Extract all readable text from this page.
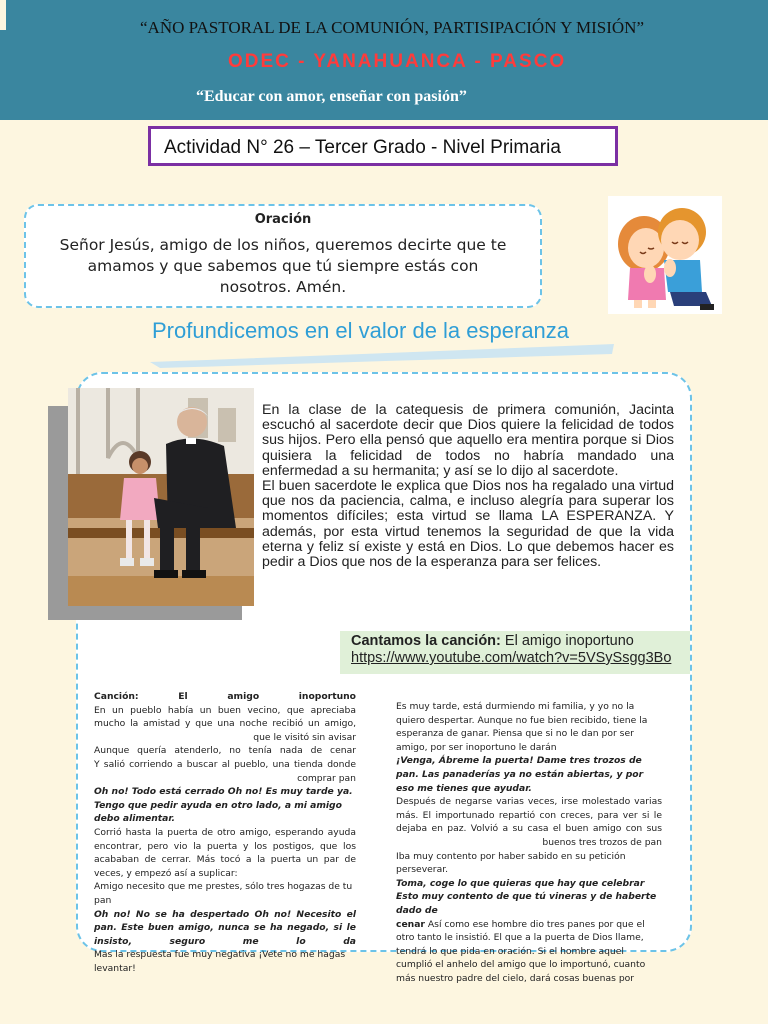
“AÑO PASTORAL DE LA COMUNIÓN, PARTISIPACIÓN Y MISIÓN”
ODEC - YANAHUANCA - PASCO
“Educar con amor, enseñar con pasión”
Actividad N° 26 – Tercer Grado - Nivel Primaria
Oración
Señor Jesús, amigo de los niños, queremos decirte que te amamos y que sabemos que tú siempre estás con nosotros. Amén.
Profundicemos en el valor de la esperanza

En la clase de la catequesis de primera comunión, Jacinta escuchó al sacerdote decir que Dios quiere la felicidad de todos sus hijos. Pero ella pensó que aquello era mentira porque si Dios quisiera la felicidad de todos no habría mandado una enfermedad a su hermanita; y así se lo dijo al sacerdote.

El buen sacerdote le explica que Dios nos ha regalado una virtud que nos da paciencia, calma, e incluso alegría para superar los momentos difíciles; esta virtud se llama LA ESPERANZA. Y además, por esta virtud tenemos la seguridad de que la vida eterna y feliz sí existe y está en Dios. Lo que debemos hacer es pedir a Dios que nos de la esperanza para ser felices.

Cantamos la canción: El amigo inoportuno
https://www.youtube.com/watch?v=5VSySsgg3Bo

Canción: El amigo inoportuno

En un pueblo había un buen vecino, que apreciaba mucho la amistad y que una noche recibió un amigo, que le visitó sin avisar

Aunque quería atenderlo, no tenía nada de cenar

Y salió corriendo a buscar al pueblo, una tienda donde comprar pan

Oh no! Todo está cerrado Oh no! Es muy tarde ya. Tengo que pedir ayuda en otro lado, a mi amigo debo alimentar.

Corrió hasta la puerta de otro amigo, esperando ayuda encontrar, pero vio la puerta y los postigos, que los acababan de cerrar. Más tocó a la puerta un par de veces, y empezó así a suplicar:

Amigo necesito que me prestes, sólo tres hogazas de tu pan

Oh no! No se ha despertado Oh no! Necesito el pan. Este buen amigo, nunca se ha negado, si le insisto, seguro me lo da

Mas la respuesta fue muy negativa ¡Vete no me hagas levantar!

Es muy tarde, está durmiendo mi familia, y yo no la quiero despertar. Aunque no fue bien recibido, tiene la esperanza de ganar. Piensa que si no le dan por ser amigo, por ser inoportuno le darán

¡Venga, Ábreme la puerta! Dame tres trozos de pan. Las panaderías ya no están abiertas, y por eso me tienes que ayudar.

Después de negarse varias veces, irse molestado varias más. El importunado repartió con creces, para ver si le dejaba en paz. Volvió a su casa el buen amigo con sus buenos tres trozos de pan

Iba muy contento por haber sabido en su petición perseverar.

Toma, coge lo que quieras que hay que celebrar Esto muy contento de que tú vineras y de haberte dado de

cenar Así como ese hombre dio tres panes por que el otro tanto le insistió. El que a la puerta de Dios llame, tendrá lo que pida en oración. Si el hombre aquel cumplió el anhelo del amigo que lo importunó, cuanto más nuestro padre del cielo, dará cosas buenas por
